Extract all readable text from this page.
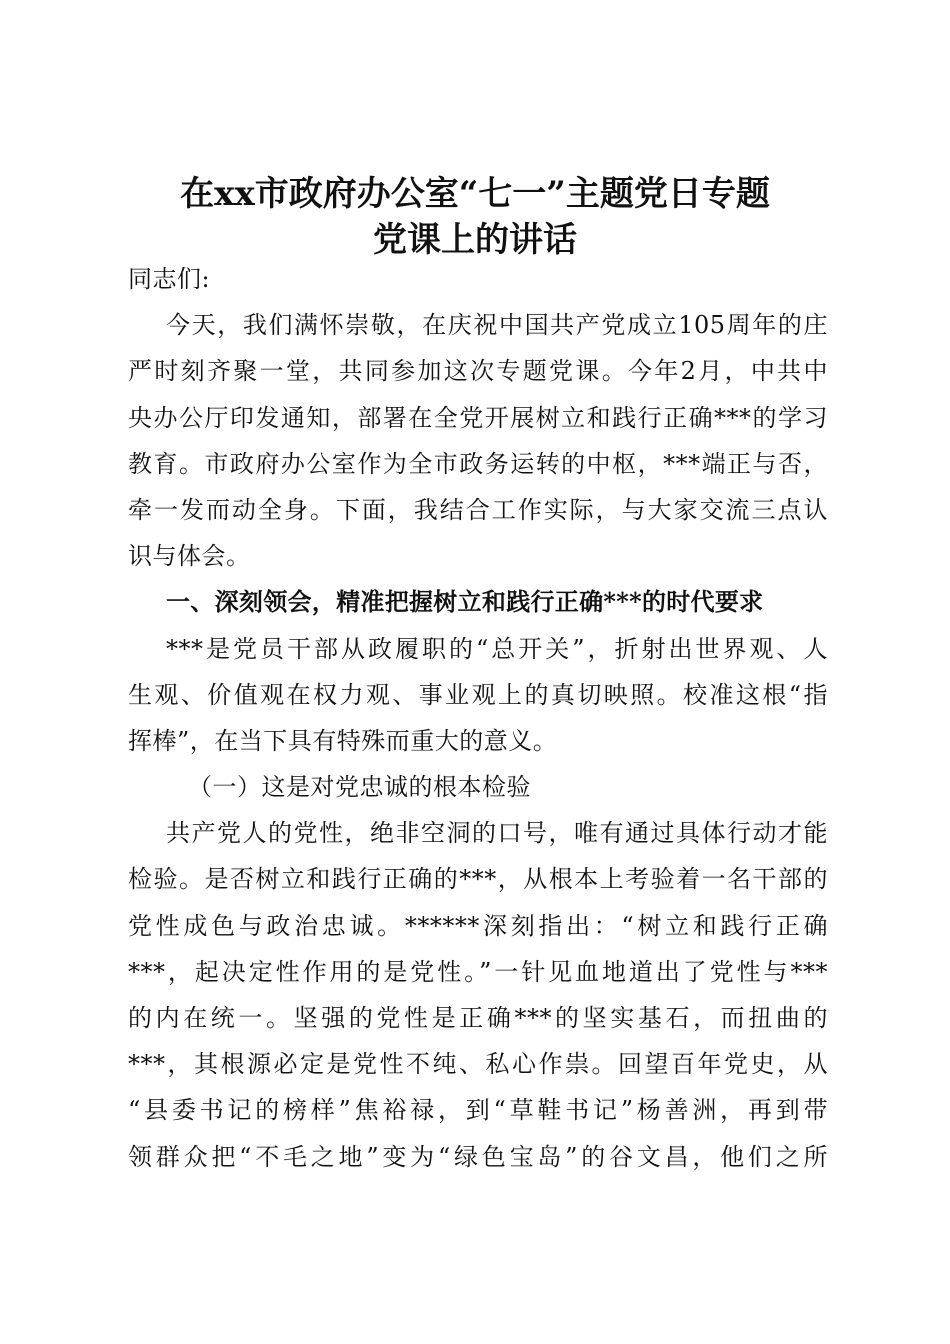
在xx市政府办公室“七一”主题党日专题
党课上的讲话
同志们:
今天，我们满怀崇敬，在庆祝中国共产党成立105周年的庄
严时刻齐聚一堂，共同参加这次专题党课。今年2月，中共中
央办公厅印发通知，部署在全党开展树立和践行正确***的学习
教育。市政府办公室作为全市政务运转的中枢，***端正与否，
牵一发而动全身。下面，我结合工作实际，与大家交流三点认
识与体会。
一、深刻领会，精准把握树立和践行正确***的时代要求
***是党员干部从政履职的“总开关”，折射出世界观、人
生观、价值观在权力观、事业观上的真切映照。校准这根“指
挥棒”，在当下具有特殊而重大的意义。
（一）这是对党忠诚的根本检验
共产党人的党性，绝非空洞的口号，唯有通过具体行动才能
检验。是否树立和践行正确的***，从根本上考验着一名干部的
党性成色与政治忠诚。******深刻指出：“树立和践行正确
***，起决定性作用的是党性。”一针见血地道出了党性与***
的内在统一。坚强的党性是正确***的坚实基石，而扭曲的
***，其根源必定是党性不纯、私心作祟。回望百年党史，从
“县委书记的榜样”焦裕禄，到“草鞋书记”杨善洲，再到带
领群众把“不毛之地”变为“绿色宝岛”的谷文昌，他们之所
